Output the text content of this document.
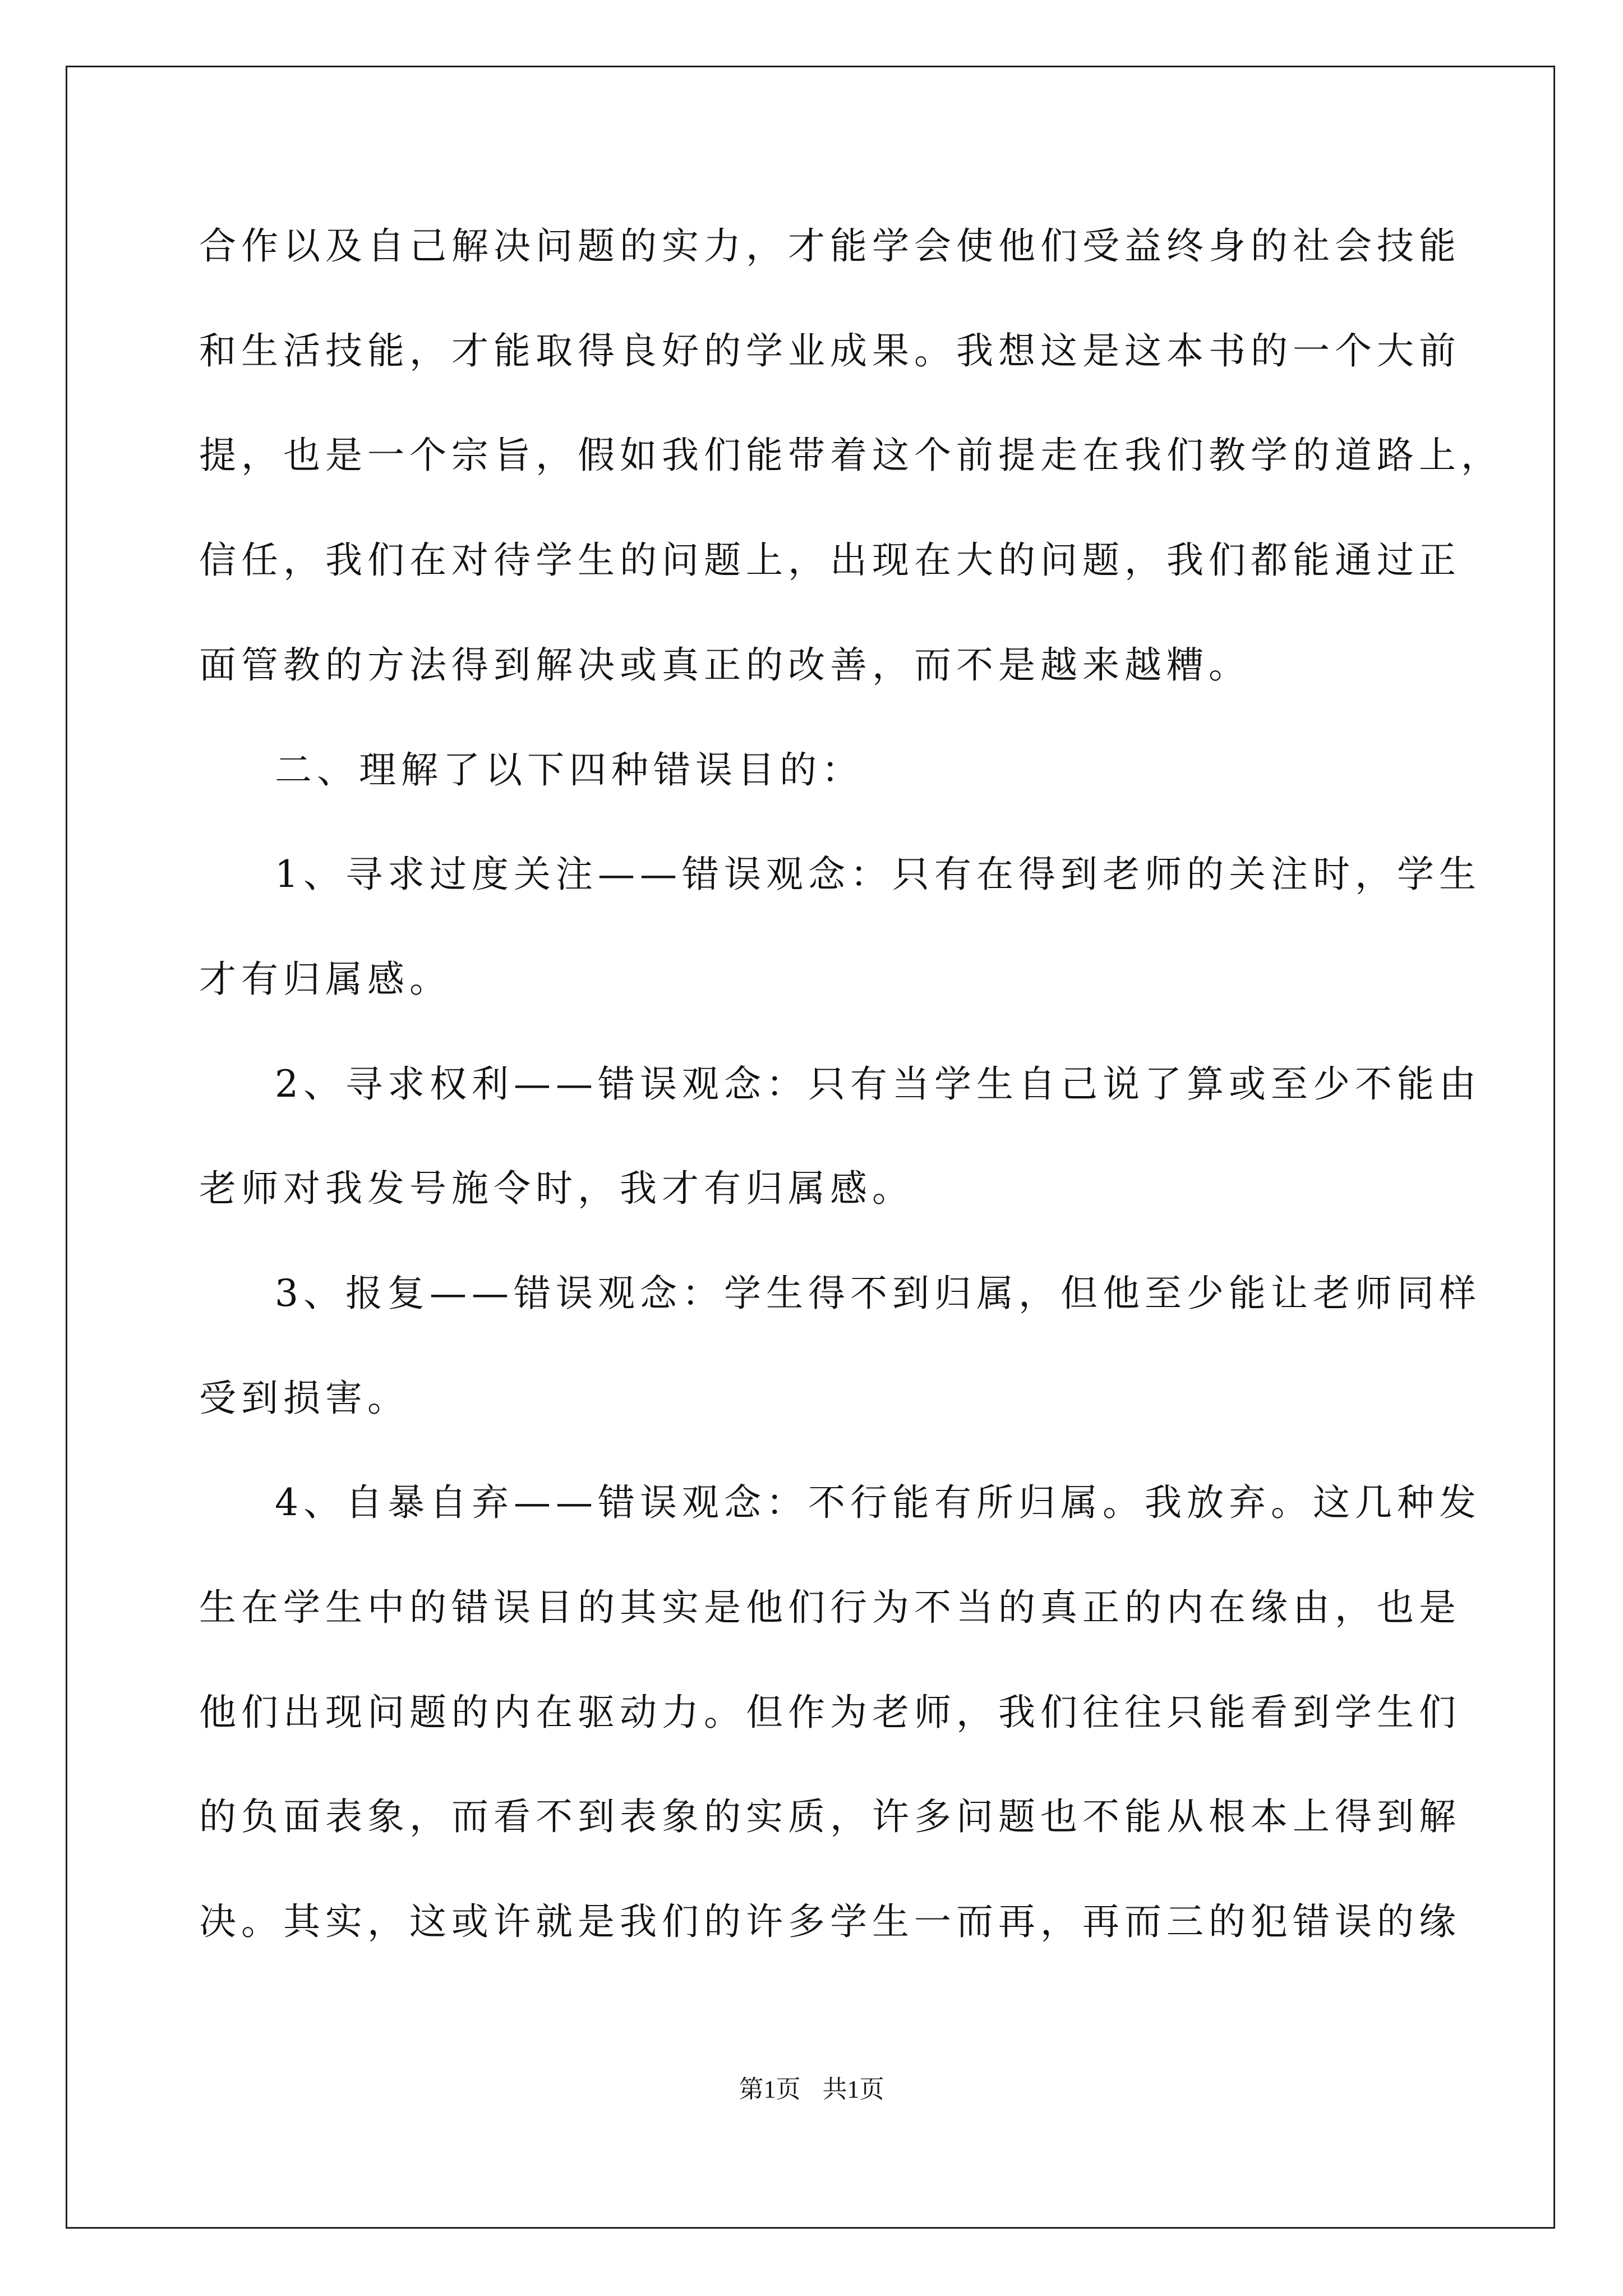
合作以及自己解决问题的实力，才能学会使他们受益终身的社会技能
和生活技能，才能取得良好的学业成果。我想这是这本书的一个大前
提，也是一个宗旨，假如我们能带着这个前提走在我们教学的道路上，
信任，我们在对待学生的问题上，出现在大的问题，我们都能通过正
面管教的方法得到解决或真正的改善，而不是越来越糟。
二、理解了以下四种错误目的：
1、寻求过度关注——错误观念：只有在得到老师的关注时，学生
才有归属感。
2、寻求权利——错误观念：只有当学生自己说了算或至少不能由
老师对我发号施令时，我才有归属感。
3、报复——错误观念：学生得不到归属，但他至少能让老师同样
受到损害。
4、自暴自弃——错误观念：不行能有所归属。我放弃。这几种发
生在学生中的错误目的其实是他们行为不当的真正的内在缘由，也是
他们出现问题的内在驱动力。但作为老师，我们往往只能看到学生们
的负面表象，而看不到表象的实质，许多问题也不能从根本上得到解
决。其实，这或许就是我们的许多学生一而再，再而三的犯错误的缘
第1页 共1页
